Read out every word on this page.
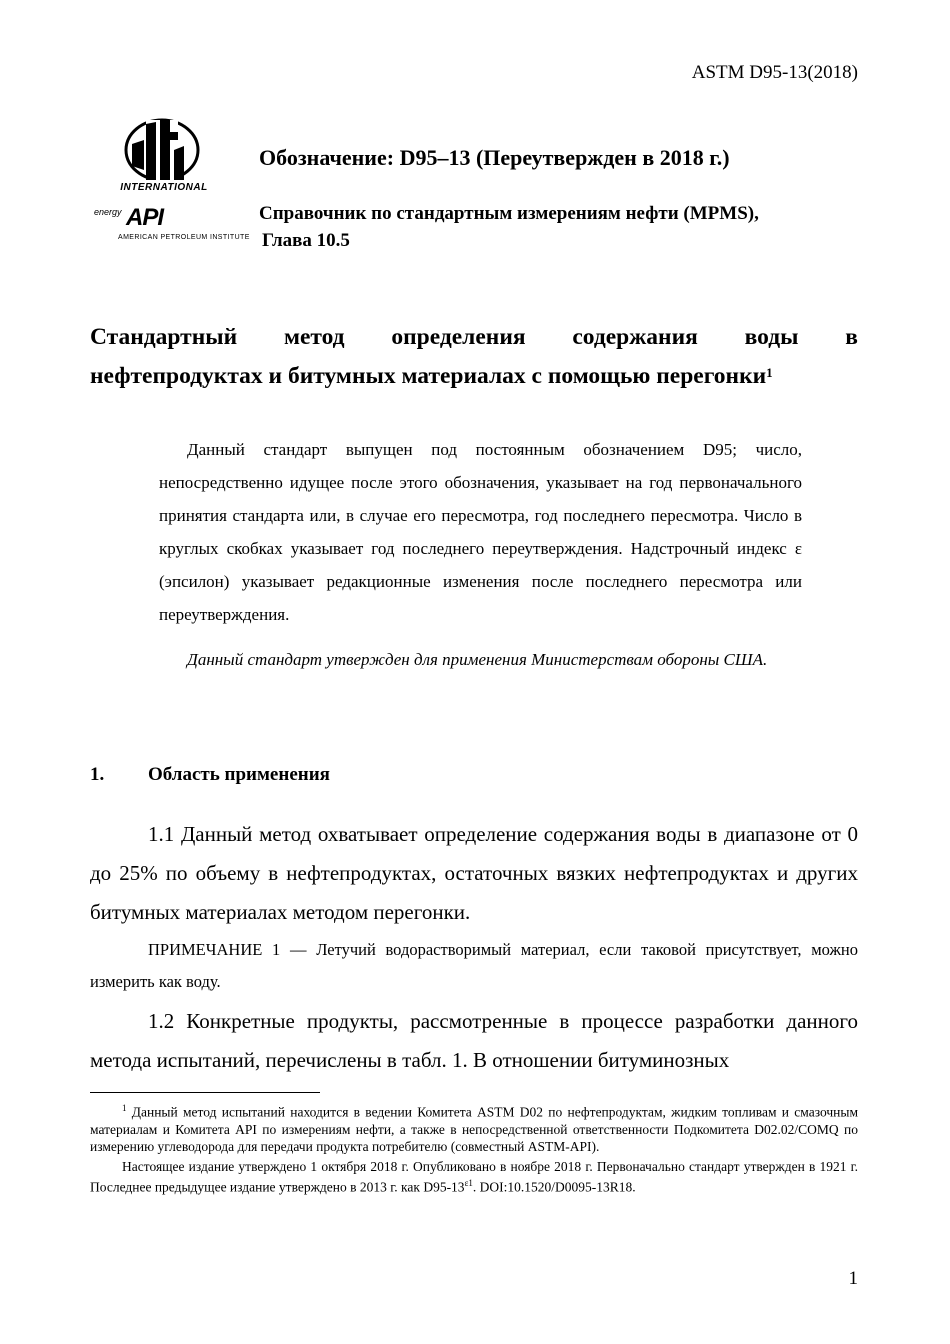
ASTM D95-13(2018)
INTERNATIONAL
energy API
AMERICAN PETROLEUM INSTITUTE
Обозначение: D95–13 (Переутвержден в 2018 г.)
Справочник по стандартным измерениям нефти (MPMS),
Глава 10.5
Стандартный метод определения содержания воды в
нефтепродуктах и битумных материалах с помощью перегонки$^1$

Данный стандарт выпущен под постоянным обозначением D95; число, непосредственно идущее после этого обозначения, указывает на год первоначального принятия стандарта или, в случае его пересмотра, год последнего пересмотра. Число в круглых скобках указывает год последнего переутверждения. Надстрочный индекс ε (эпсилон) указывает редакционные изменения после последнего пересмотра или переутверждения.

Данный стандарт утвержден для применения Министерствам обороны США.

1. Область применения

1.1 Данный метод охватывает определение содержания воды в диапазоне от 0 до 25% по объему в нефтепродуктах, остаточных вязких нефтепродуктах и других битумных материалах методом перегонки.

ПРИМЕЧАНИЕ 1 ― Летучий водорастворимый материал, если таковой присутствует, можно измерить как воду.

1.2 Конкретные продукты, рассмотренные в процессе разработки данного метода испытаний, перечислены в табл. 1. В отношении битуминозных

$^1$ Данный метод испытаний находится в ведении Комитета ASTM D02 по нефтепродуктам, жидким топливам и смазочным материалам и Комитета API по измерениям нефти, а также в непосредственной ответственности Подкомитета D02.02/COMQ по измерению углеводорода для передачи продукта потребителю (совместный ASTM-API).

Настоящее издание утверждено 1 октября 2018 г. Опубликовано в ноябре 2018 г. Первоначально стандарт утвержден в 1921 г. Последнее предыдущее издание утверждено в 2013 г. как $D95-13^{\varepsilon 1}$. DOI:10.1520/D0095-13R18.

1
